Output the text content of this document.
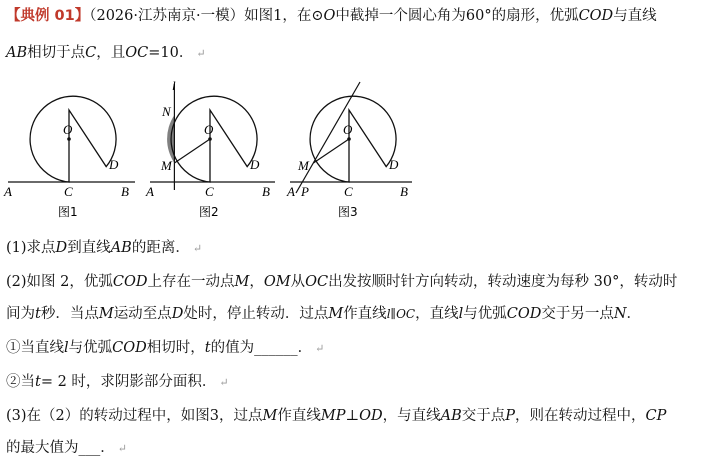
【典例 01】（2026·江苏南京·一模）如图1，在⊙O中截掉一个圆心角为60°的扇形，优弧COD与直线
AB相切于点C，且OC=10． ↵
O
D
A	C	B
图1
l
N
O
M	D
A	C	B
图2
O
M	D
A P	C	B
图3
(1)求点D到直线AB的距离． ↵
(2)如图 2，优弧COD上存在一动点M，OM从OC出发按顺时针方向转动，转动速度为每秒 30°，转动时
间为t秒．当点M运动至点D处时，停止转动．过点M作直线l∥OC，直线l与优弧COD交于另一点N．
①当直线l与优弧COD相切时，t的值为______． ↵
②当t= 2 时，求阴影部分面积． ↵
(3)在（2）的转动过程中，如图3，过点M作直线MP⊥OD，与直线AB交于点P，则在转动过程中，CP
的最大值为___． ↵
